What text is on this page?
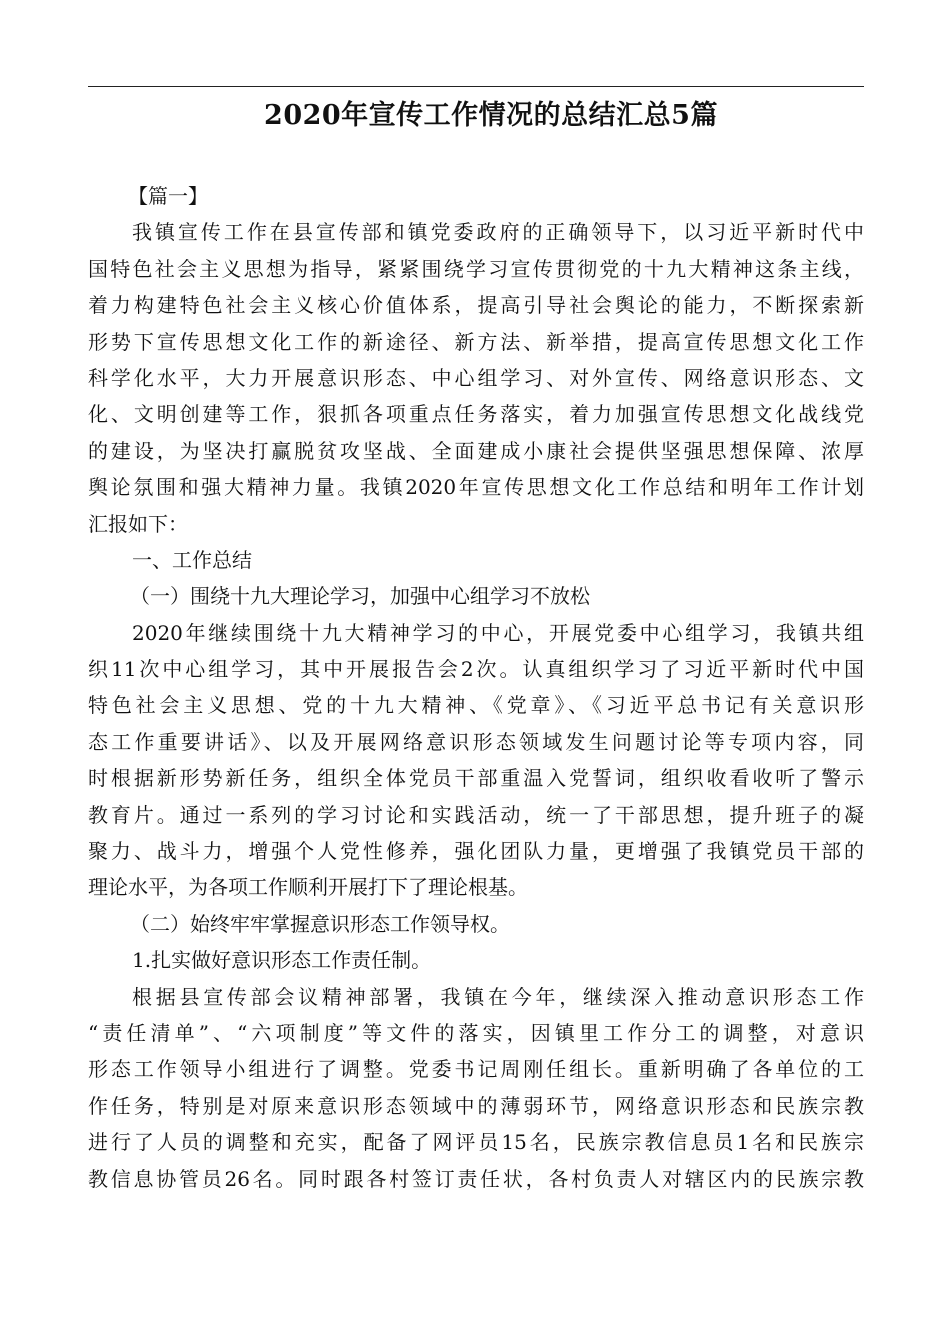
2020年宣传工作情况的总结汇总5篇
【篇一】
我镇宣传工作在县宣传部和镇党委政府的正确领导下，以习近平新时代中
国特色社会主义思想为指导，紧紧围绕学习宣传贯彻党的十九大精神这条主线，
着力构建特色社会主义核心价值体系，提高引导社会舆论的能力，不断探索新
形势下宣传思想文化工作的新途径、新方法、新举措，提高宣传思想文化工作
科学化水平，大力开展意识形态、中心组学习、对外宣传、网络意识形态、文
化、文明创建等工作，狠抓各项重点任务落实，着力加强宣传思想文化战线党
的建设，为坚决打赢脱贫攻坚战、全面建成小康社会提供坚强思想保障、浓厚
舆论氛围和强大精神力量。我镇2020年宣传思想文化工作总结和明年工作计划
汇报如下：
一、工作总结
（一）围绕十九大理论学习，加强中心组学习不放松
2020年继续围绕十九大精神学习的中心，开展党委中心组学习，我镇共组
织11次中心组学习，其中开展报告会2次。认真组织学习了习近平新时代中国
特色社会主义思想、党的十九大精神、《党章》、《习近平总书记有关意识形
态工作重要讲话》、以及开展网络意识形态领域发生问题讨论等专项内容，同
时根据新形势新任务，组织全体党员干部重温入党誓词，组织收看收听了警示
教育片。通过一系列的学习讨论和实践活动，统一了干部思想，提升班子的凝
聚力、战斗力，增强个人党性修养，强化团队力量，更增强了我镇党员干部的
理论水平，为各项工作顺利开展打下了理论根基。
（二）始终牢牢掌握意识形态工作领导权。
1.扎实做好意识形态工作责任制。
根据县宣传部会议精神部署，我镇在今年，继续深入推动意识形态工作
“责任清单”、“六项制度”等文件的落实，因镇里工作分工的调整，对意识
形态工作领导小组进行了调整。党委书记周刚任组长。重新明确了各单位的工
作任务，特别是对原来意识形态领域中的薄弱环节，网络意识形态和民族宗教
进行了人员的调整和充实，配备了网评员15名，民族宗教信息员1名和民族宗
教信息协管员26名。同时跟各村签订责任状，各村负责人对辖区内的民族宗教
